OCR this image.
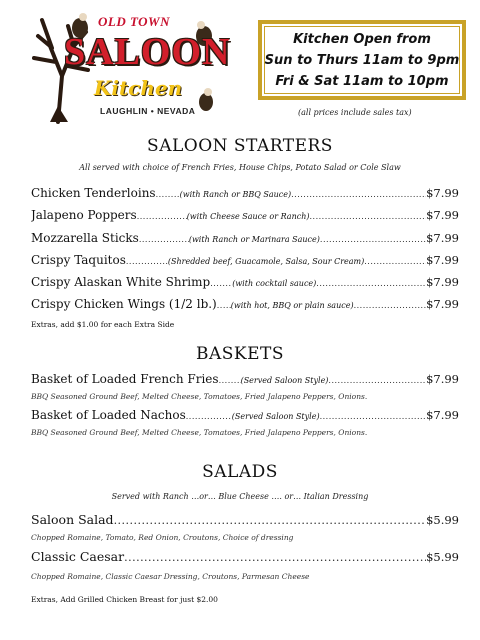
OLD TOWN
SALOON
Kitchen
LAUGHLIN • NEVADA
Kitchen Open from
Sun to Thurs 11am to 9pm
Fri & Sat 11am to 10pm
(all prices include sales tax)
SALOON STARTERS
All served with choice of French Fries, House Chips, Potato Salad or Cole Slaw
Chicken Tenderloins .....	(with Ranch or BBQ Sauce) .....	$7.99
Jalapeno Poppers .....	(with Cheese Sauce or Ranch) .....	$7.99
Mozzarella Sticks .....	(with Ranch or Marinara Sauce) .....	$7.99
Crispy Taquitos .....	(Shredded beef, Guacamole, Salsa, Sour Cream) .....	$7.99
Crispy Alaskan White Shrimp .....	(with cocktail sauce) .....	$7.99
Crispy Chicken Wings (1/2 lb.) ..... (with hot, BBQ or plain sauce) .....	$7.99
Extras, add $1.00 for each Extra Side
BASKETS
Basket of Loaded French Fries .....	(Served Saloon Style) .....	$7.99
BBQ Seasoned Ground Beef, Melted Cheese, Tomatoes, Fried Jalapeno Peppers, Onions.
Basket of Loaded Nachos .....	(Served Saloon Style) .....	$7.99
BBQ Seasoned Ground Beef, Melted Cheese, Tomatoes, Fried Jalapeno Peppers, Onions.
SALADS
Served with Ranch …or… Blue Cheese …. or… Italian Dressing
Saloon Salad .....	$5.99
Chopped Romaine, Tomato, Red Onion, Croutons, Choice of dressing
Classic Caesar .....	$5.99
Chopped Romaine, Classic Caesar Dressing, Croutons, Parmesan Cheese
Extras, Add Grilled Chicken Breast for just $2.00
